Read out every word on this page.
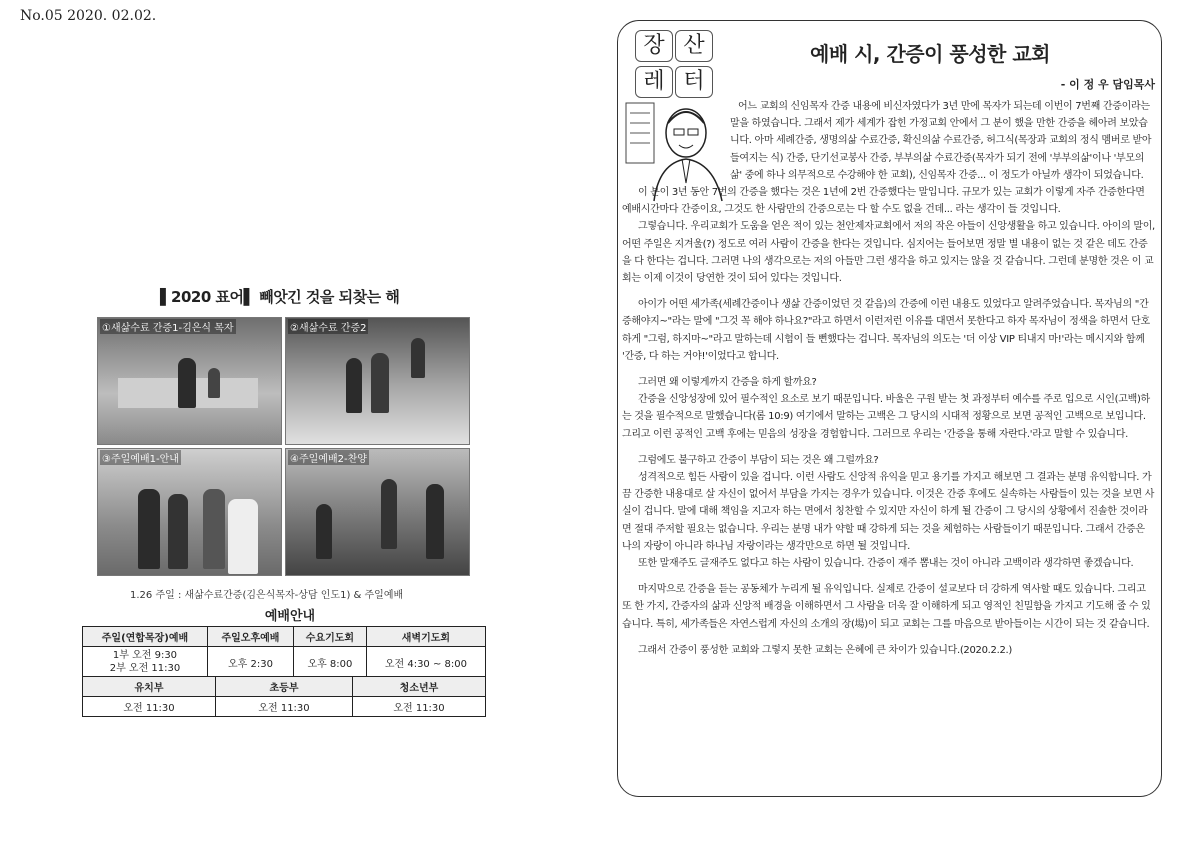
No.05 2020. 02.02.
▌2020 표어▌ 빼앗긴 것을 되찾는 해
①새삶수료 간증1-김은식 목자	②새삶수료 간증2
③주일예배1-안내	④주일예배2-찬양
1.26 주일 : 새삶수료간증(김은식목자-상담 인도1) & 주일예배
예배안내
주일(연합목장)예배	주일오후예배	수요기도회	새벽기도회

1부 오전 9:30
2부 오전 11:30	오후 2:30	오후 8:00	오전 4:30 ~ 8:00
유치부	초등부	청소년부
오전 11:30	오전 11:30	오전 11:30
장 산
레 터
예배 시, 간증이 풍성한 교회
- 이 정 우 담임목사

어느 교회의 신임목자 간증 내용에 비신자였다가 3년 만에 목자가 되는데 이번이 7번째 간증이라는 말을 하였습니다. 그래서 제가 세계가 잡힌 가정교회 안에서 그 분이 했을 만한 간증을 헤아려 보았습니다. 아마 세례간증, 생명의삶 수료간증, 확신의삶 수료간증, 허그식(목장과 교회의 정식 멤버로 받아들여지는 식) 간증, 단기선교봉사 간증, 부부의삶 수료간증(목자가 되기 전에 '부부의삶'이나 '부모의삶' 중에 하나 의무적으로 수강해야 한 교회), 신임목자 간증... 이 정도가 아닐까 생각이 되었습니다.

이 분이 3년 동안 7번의 간증을 했다는 것은 1년에 2번 간증했다는 말입니다. 규모가 있는 교회가 이렇게 자주 간증한다면 예배시간마다 간증이요, 그것도 한 사람만의 간증으로는 다 할 수도 없을 건데... 라는 생각이 들 것입니다.

그렇습니다. 우리교회가 도움을 얻은 적이 있는 천안제자교회에서 저의 작은 아들이 신앙생활을 하고 있습니다. 아이의 말이, 어떤 주일은 지겨울(?) 정도로 여러 사람이 간증을 한다는 것입니다. 심지어는 들어보면 정말 별 내용이 없는 것 같은 데도 간증을 다 한다는 겁니다. 그러면 나의 생각으로는 저의 아들만 그런 생각을 하고 있지는 않을 것 같습니다. 그런데 분명한 것은 이 교회는 이제 이것이 당연한 것이 되어 있다는 것입니다.

아이가 어떤 세가족(세례간증이나 생삶 간증이었던 것 같음)의 간증에 이런 내용도 있었다고 알려주었습니다. 목자님의 "간증해야지~"라는 말에 "그것 꼭 해야 하나요?"라고 하면서 이런저런 이유를 대면서 못한다고 하자 목자님이 정색을 하면서 단호하게 "그럼, 하지마~"라고 말하는데 시험이 들 뻔했다는 겁니다. 목자님의 의도는 '더 이상 VIP 티내지 마!'라는 메시지와 함께 '간증, 다 하는 거야!'이었다고 합니다.

그러면 왜 이렇게까지 간증을 하게 할까요?

간증을 신앙성장에 있어 필수적인 요소로 보기 때문입니다. 바울은 구원 받는 첫 과정부터 예수를 주로 입으로 시인(고백)하는 것을 필수적으로 말했습니다(롬 10:9) 여기에서 말하는 고백은 그 당시의 시대적 정황으로 보면 공적인 고백으로 보입니다. 그리고 이런 공적인 고백 후에는 믿음의 성장을 경험합니다. 그러므로 우리는 '간증을 통해 자란다.'라고 말할 수 있습니다.

그럼에도 불구하고 간증이 부담이 되는 것은 왜 그럴까요?

성격적으로 힘든 사람이 있을 겁니다. 이런 사람도 신앙적 유익을 믿고 용기를 가지고 해보면 그 결과는 분명 유익합니다. 가끔 간증한 내용대로 살 자신이 없어서 부담을 가지는 경우가 있습니다. 이것은 간증 후에도 실속하는 사람들이 있는 것을 보면 사실이 겁니다. 말에 대해 책임을 지고자 하는 면에서 칭찬할 수 있지만 자신이 하게 될 간증이 그 당시의 상황에서 진솔한 것이라면 절대 주저할 필요는 없습니다. 우리는 분명 내가 약할 때 강하게 되는 것을 체험하는 사람들이기 때문입니다. 그래서 간증은 나의 자랑이 아니라 하나님 자랑이라는 생각만으로 하면 될 것입니다.

또한 말재주도 글재주도 없다고 하는 사람이 있습니다. 간증이 재주 뽐내는 것이 아니라 고백이라 생각하면 좋겠습니다.

마지막으로 간증을 듣는 공동체가 누리게 될 유익입니다. 실제로 간증이 설교보다 더 강하게 역사할 때도 있습니다. 그리고 또 한 가지, 간증자의 삶과 신앙적 배경을 이해하면서 그 사람을 더욱 잘 이해하게 되고 영적인 친밀함을 가지고 기도해 줄 수 있습니다. 특히, 세가족들은 자연스럽게 자신의 소개의 장(場)이 되고 교회는 그를 마음으로 받아들이는 시간이 되는 것 같습니다.

그래서 간증이 풍성한 교회와 그렇지 못한 교회는 은혜에 큰 차이가 있습니다.(2020.2.2.)
